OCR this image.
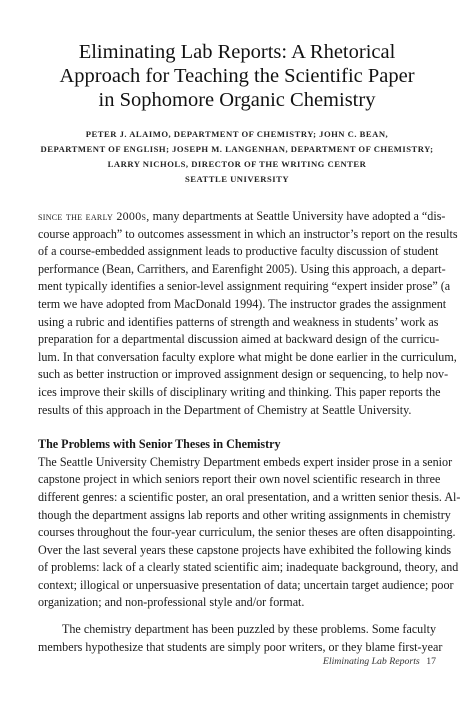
Eliminating Lab Reports: A Rhetorical
Approach for Teaching the Scientific Paper
in Sophomore Organic Chemistry
PETER J. ALAIMO, DEPARTMENT OF CHEMISTRY; JOHN C. BEAN,
DEPARTMENT OF ENGLISH; JOSEPH M. LANGENHAN, DEPARTMENT OF CHEMISTRY;
LARRY NICHOLS, DIRECTOR OF THE WRITING CENTER
SEATTLE UNIVERSITY
since the early 2000s, many departments at Seattle University have adopted a “dis-
course approach” to outcomes assessment in which an instructor’s report on the results
of a course-embedded assignment leads to productive faculty discussion of student
performance (Bean, Carrithers, and Earenfight 2005). Using this approach, a depart-
ment typically identifies a senior-level assignment requiring “expert insider prose” (a
term we have adopted from MacDonald 1994). The instructor grades the assignment
using a rubric and identifies patterns of strength and weakness in students’ work as
preparation for a departmental discussion aimed at backward design of the curricu-
lum. In that conversation faculty explore what might be done earlier in the curriculum,
such as better instruction or improved assignment design or sequencing, to help nov-
ices improve their skills of disciplinary writing and thinking. This paper reports the
results of this approach in the Department of Chemistry at Seattle University.
The Problems with Senior Theses in Chemistry
The Seattle University Chemistry Department embeds expert insider prose in a senior
capstone project in which seniors report their own novel scientific research in three
different genres: a scientific poster, an oral presentation, and a written senior thesis. Al-
though the department assigns lab reports and other writing assignments in chemistry
courses throughout the four-year curriculum, the senior theses are often disappointing.
Over the last several years these capstone projects have exhibited the following kinds
of problems: lack of a clearly stated scientific aim; inadequate background, theory, and
context; illogical or unpersuasive presentation of data; uncertain target audience; poor
organization; and non-professional style and/or format.
The chemistry department has been puzzled by these problems. Some faculty
members hypothesize that students are simply poor writers, or they blame first-year
Eliminating Lab Reports 17
